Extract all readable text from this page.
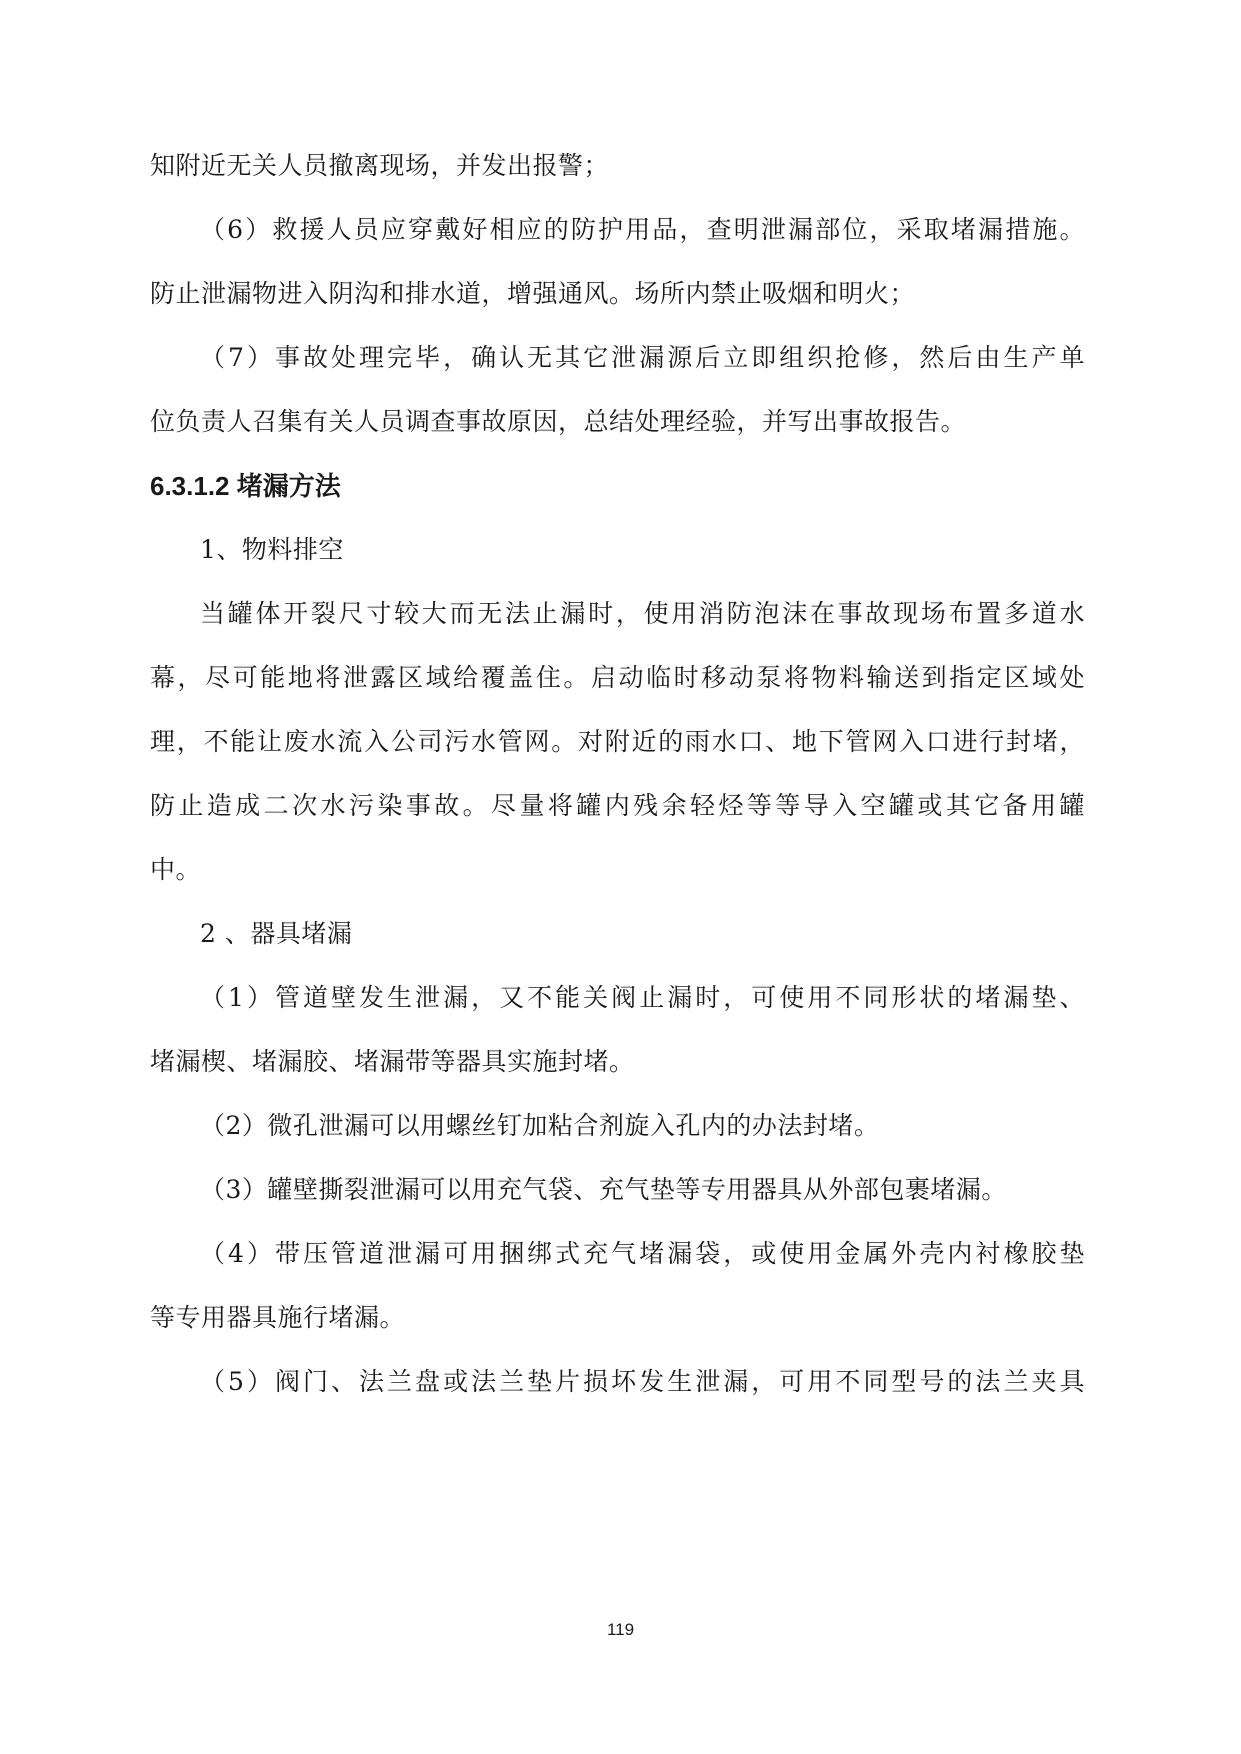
知附近无关人员撤离现场，并发出报警；
（6）救援人员应穿戴好相应的防护用品，查明泄漏部位，采取堵漏措施。
防止泄漏物进入阴沟和排水道，增强通风。场所内禁止吸烟和明火；
（7）事故处理完毕，确认无其它泄漏源后立即组织抢修，然后由生产单
位负责人召集有关人员调查事故原因，总结处理经验，并写出事故报告。
6.3.1.2 堵漏方法
1、物料排空
当罐体开裂尺寸较大而无法止漏时，使用消防泡沫在事故现场布置多道水
幕，尽可能地将泄露区域给覆盖住。启动临时移动泵将物料输送到指定区域处
理，不能让废水流入公司污水管网。对附近的雨水口、地下管网入口进行封堵，
防止造成二次水污染事故。尽量将罐内残余轻烃等等导入空罐或其它备用罐
中。
2 、器具堵漏
（1）管道壁发生泄漏，又不能关阀止漏时，可使用不同形状的堵漏垫、
堵漏楔、堵漏胶、堵漏带等器具实施封堵。
（2）微孔泄漏可以用螺丝钉加粘合剂旋入孔内的办法封堵。
（3）罐壁撕裂泄漏可以用充气袋、充气垫等专用器具从外部包裹堵漏。
（4）带压管道泄漏可用捆绑式充气堵漏袋，或使用金属外壳内衬橡胶垫
等专用器具施行堵漏。
（5）阀门、法兰盘或法兰垫片损坏发生泄漏，可用不同型号的法兰夹具
119
